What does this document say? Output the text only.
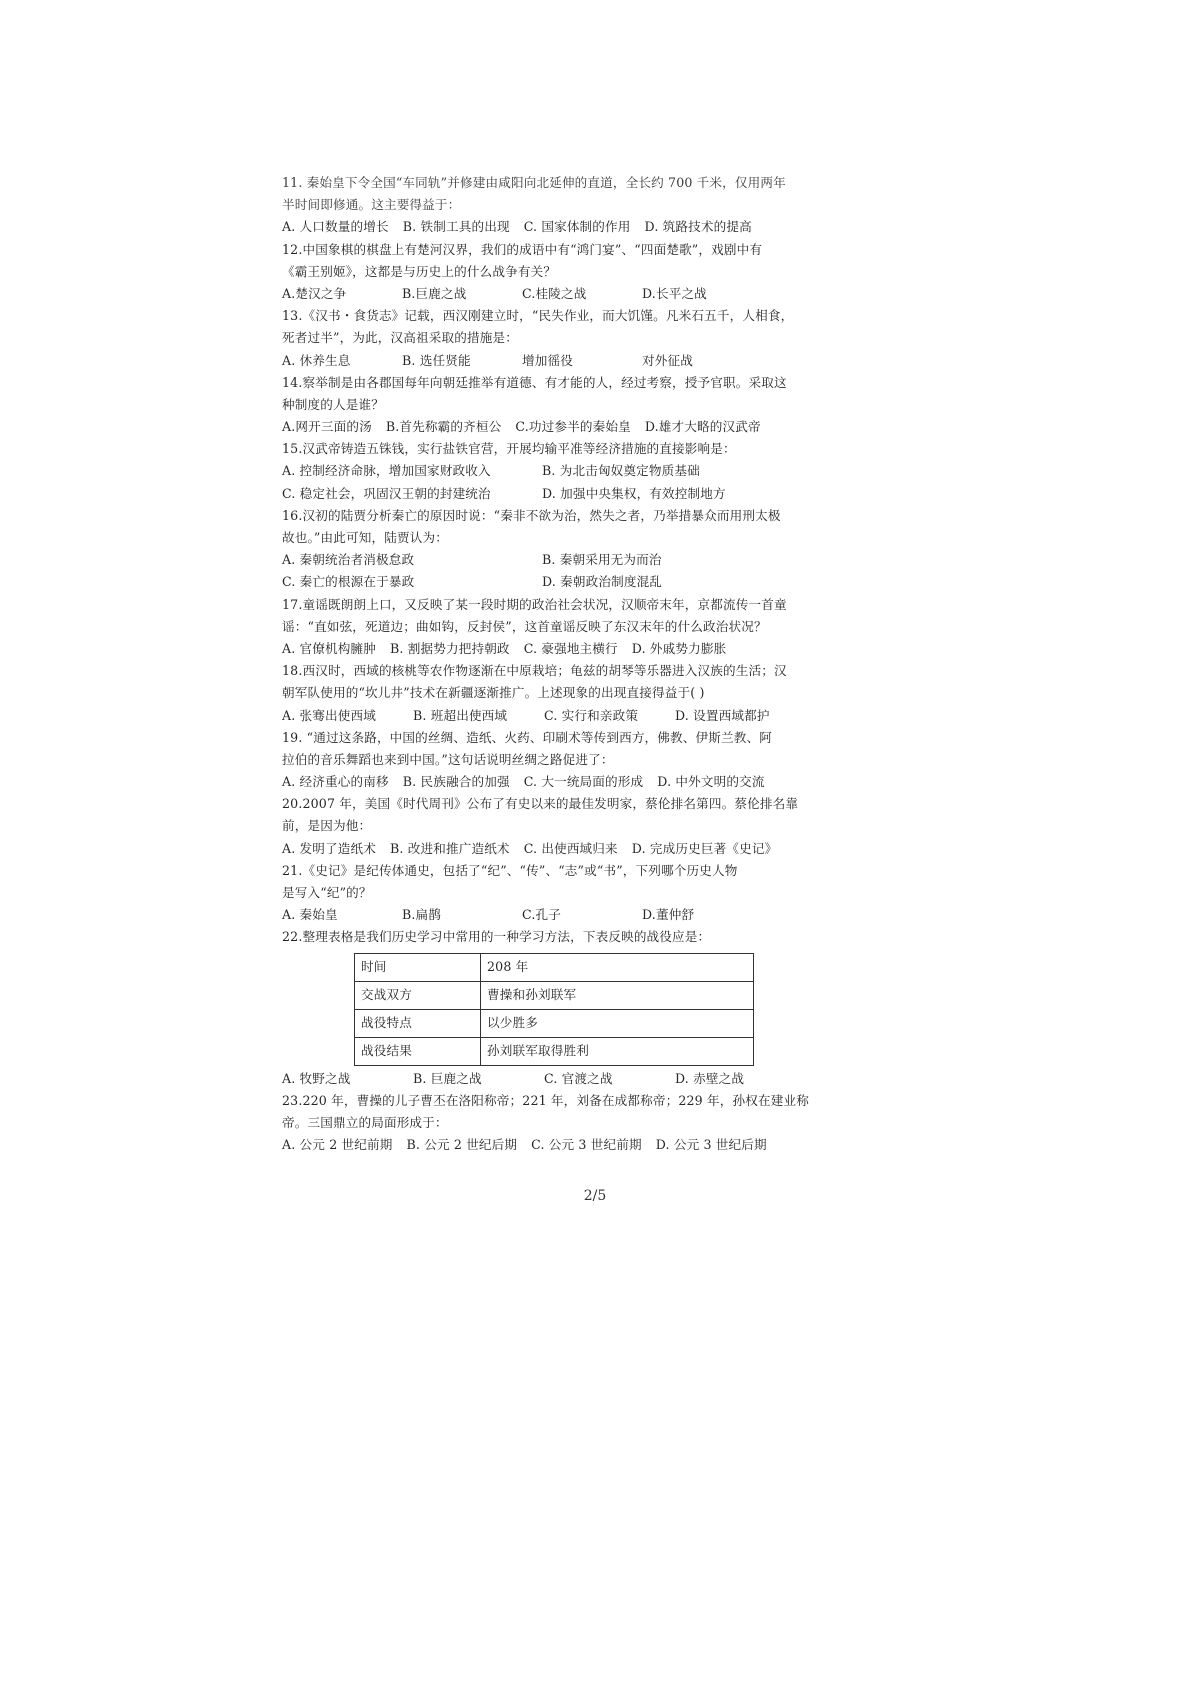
11. 秦始皇下令全国“车同轨”并修建由咸阳向北延伸的直道，全长约 700 千米，仅用两年
半时间即修通。这主要得益于：
A. 人口数量的增长 B. 铁制工具的出现 C. 国家体制的作用 D. 筑路技术的提高
12.中国象棋的棋盘上有楚河汉界，我们的成语中有“鸿门宴”、“四面楚歌”，戏剧中有
《霸王别姬》，这都是与历史上的什么战争有关？
A.楚汉之争	B.巨鹿之战	C.桂陵之战	D.长平之战
13.《汉书・食货志》记载，西汉刚建立时，“民失作业，而大饥馑。凡米石五千，人相食，
死者过半”，为此，汉高祖采取的措施是：
A. 休养生息	B. 选任贤能	增加徭役	对外征战
14.察举制是由各郡国每年向朝廷推举有道德、有才能的人，经过考察，授予官职。采取这
种制度的人是谁？
A.网开三面的汤 B.首先称霸的齐桓公 C.功过参半的秦始皇 D.雄才大略的汉武帝
15.汉武帝铸造五铢钱，实行盐铁官营，开展均输平准等经济措施的直接影响是：
A. 控制经济命脉，增加国家财政收入	B. 为北击匈奴奠定物质基础
C. 稳定社会，巩固汉王朝的封建统治	D. 加强中央集权，有效控制地方
16.汉初的陆贾分析秦亡的原因时说：“秦非不欲为治，然失之者，乃举措暴众而用刑太极
故也。”由此可知，陆贾认为：
A. 秦朝统治者消极怠政	B. 秦朝采用无为而治
C. 秦亡的根源在于暴政	D. 秦朝政治制度混乱
17.童谣既朗朗上口，又反映了某一段时期的政治社会状况，汉顺帝末年，京都流传一首童
谣：“直如弦，死道边；曲如钩，反封侯”，这首童谣反映了东汉末年的什么政治状况？
A. 官僚机构臃肿 B. 割据势力把持朝政 C. 豪强地主横行 D. 外戚势力膨胀
18.西汉时，西域的核桃等农作物逐渐在中原栽培；龟兹的胡琴等乐器进入汉族的生活；汉
朝军队使用的“坎儿井”技术在新疆逐渐推广。上述现象的出现直接得益于( )
A. 张骞出使西域	B. 班超出使西域	C. 实行和亲政策	D. 设置西域都护
19. “通过这条路，中国的丝绸、造纸、火药、印刷术等传到西方，佛教、伊斯兰教、阿
拉伯的音乐舞蹈也来到中国。”这句话说明丝绸之路促进了：
A. 经济重心的南移 B. 民族融合的加强 C. 大一统局面的形成 D. 中外文明的交流
20.2007 年，美国《时代周刊》公布了有史以来的最佳发明家，蔡伦排名第四。蔡伦排名靠
前，是因为他：
A. 发明了造纸术 B. 改进和推广造纸术 C. 出使西域归来 D. 完成历史巨著《史记》
21.《史记》是纪传体通史，包括了“纪”、“传”、“志”或“书”，下列哪个历史人物
是写入“纪”的？
A. 秦始皇	B.扁鹊	C.孔子	D.董仲舒
22.整理表格是我们历史学习中常用的一种学习方法，下表反映的战役应是：
时间	208 年
交战双方	曹操和孙刘联军
战役特点	以少胜多
战役结果	孙刘联军取得胜利
A. 牧野之战	B. 巨鹿之战	C. 官渡之战	D. 赤壁之战
23.220 年，曹操的儿子曹丕在洛阳称帝；221 年，刘备在成都称帝；229 年，孙权在建业称
帝。三国鼎立的局面形成于：
A. 公元 2 世纪前期 B. 公元 2 世纪后期 C. 公元 3 世纪前期 D. 公元 3 世纪后期
2/5
